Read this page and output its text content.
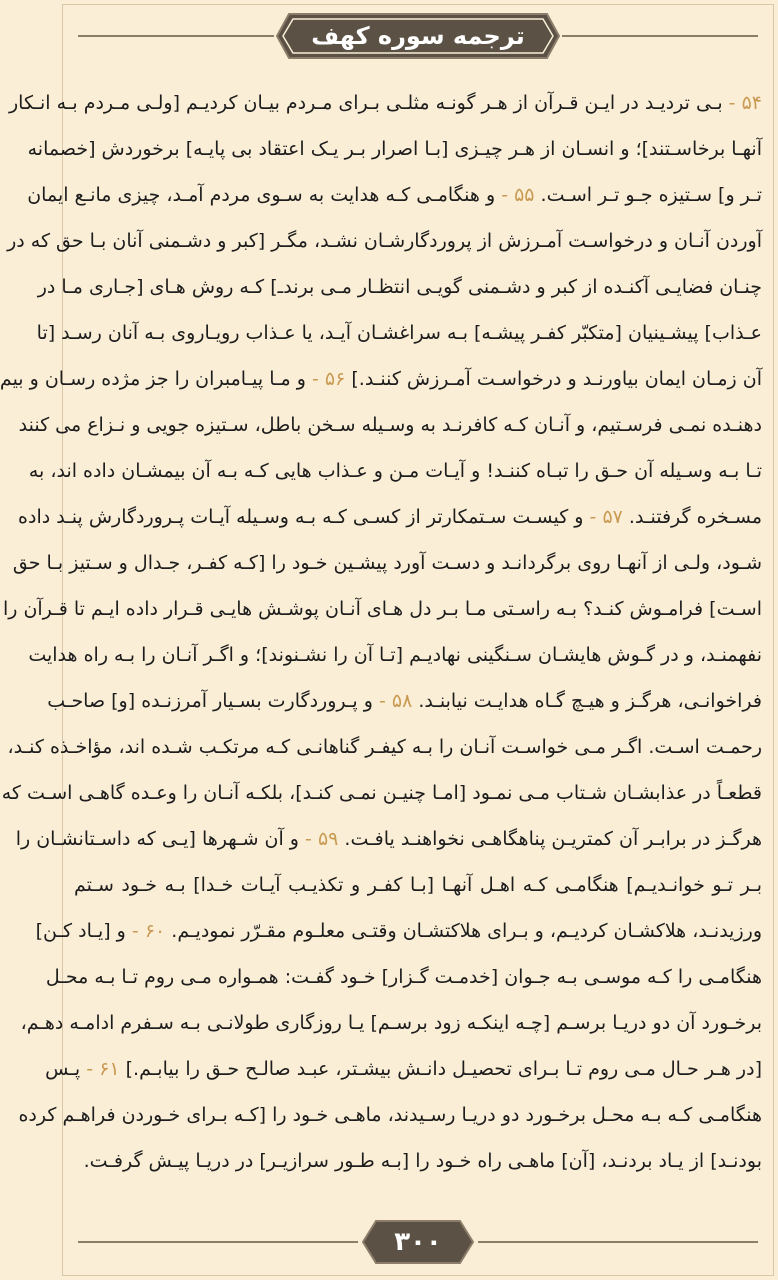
ترجمه سوره کهف
۵۴ - بـی تردیـد در ایـن قـرآن از هـر گونـه مثلـی بـرای مـردم بیـان کردیـم [ولـی مـردم بـه انـکار
آنهـا برخاسـتند]؛ و انسـان از هـر چیـزی [بـا اصرار بـر یـک اعتقاد بی پایـه] برخوردش [خصمانه
تـر و] سـتیزه جـو تـر اسـت. ۵۵ - و هنگامـی کـه هدایت به سـوی مردم آمـد، چیزی مانـع ایمان
آوردن آنـان و درخواسـت آمـرزش از پروردگارشـان نشـد، مگـر [کبر و دشـمنی آنان بـا حق که در
چنـان فضایـی آکنـده از کبر و دشـمنی گویـی انتظـار مـی برندـ] کـه روش هـای [جـاری مـا در
عـذاب] پیشـینیان [متکبّر کفـر پیشـه] بـه سراغشـان آیـد، یا عـذاب رویـاروی بـه آنان رسـد [تا
آن زمـان ایمان بیاورنـد و درخواسـت آمـرزش کننـد.] ۵۶ - و مـا پیـامبران را جز مژده رسـان و بیم
دهنـده نمـی فرسـتیم، و آنـان کـه کافرنـد به وسـیله سـخن باطل، سـتیزه جویی و نـزاع می کنند
تـا بـه وسـیله آن حـق را تبـاه کننـد! و آیـات مـن و عـذاب هایی کـه بـه آن بیمشـان داده اند، به
مسـخره گرفتنـد. ۵۷ - و کیسـت سـتمکارتر از کسـی کـه بـه وسـیله آیـات پـروردگارش پنـد داده
شـود، ولـی از آنهـا روی برگردانـد و دسـت آورد پیشـین خـود را [کـه کفـر، جـدال و سـتیز بـا حق
اسـت] فرامـوش کنـد؟ بـه راسـتی مـا بـر دل هـای آنـان پوشـش هایـی قـرار داده ایـم تا قـرآن را
نفهمنـد، و در گـوش هایشـان سـنگینی نهادیـم [تـا آن را نشـنوند]؛ و اگـر آنـان را بـه راه هدایت
فراخوانـی، هرگـز و هیـچ گـاه هدایـت نیابنـد. ۵۸ - و پـروردگارت بسـیار آمرزنـده [و] صاحـب
رحمـت اسـت. اگـر مـی خواسـت آنـان را بـه کیفـر گناهانـی کـه مرتکـب شـده اند، مؤاخـذه کنـد،
قطعـاً در عذابشـان شـتاب مـی نمـود [امـا چنیـن نمـی کنـد]، بلکـه آنـان را وعـده گاهـی اسـت که
هرگـز در برابـر آن کمتریـن پناهگاهـی نخواهنـد یافـت. ۵۹ - و آن شـهرها [یـی که داسـتانشـان را
بـر تـو خوانـدیـم] هنگامـی کـه اهـل آنهـا [بـا کفـر و تکذیـب آیـات خـدا] بـه خـود سـتم
ورزیدنـد، هلاکشـان کردیـم، و بـرای هلاکتشـان وقتـی معلـوم مقـرّر نمودیـم. ۶۰ - و [یـاد کـن]
هنگامـی را کـه موسـی بـه جـوان [خدمـت گـزار] خـود گفـت: همـواره مـی روم تـا بـه محـل
برخـورد آن دو دریـا برسـم [چـه اینکـه زود برسـم] یـا روزگاری طولانـی بـه سـفرم ادامـه دهـم،
[در هـر حـال مـی روم تـا بـرای تحصیـل دانـش بیشـتر، عبـد صالـح حـق را بیابـم.] ۶۱ - پـس
هنگامـی کـه بـه محـل برخـورد دو دریـا رسـیدند، ماهـی خـود را [کـه بـرای خـوردن فراهـم کرده
بودنـد] از یـاد بردنـد، [آن] ماهـی راه خـود را [بـه طـور سرازیـر] در دریـا پیـش گرفـت.
۳۰۰
